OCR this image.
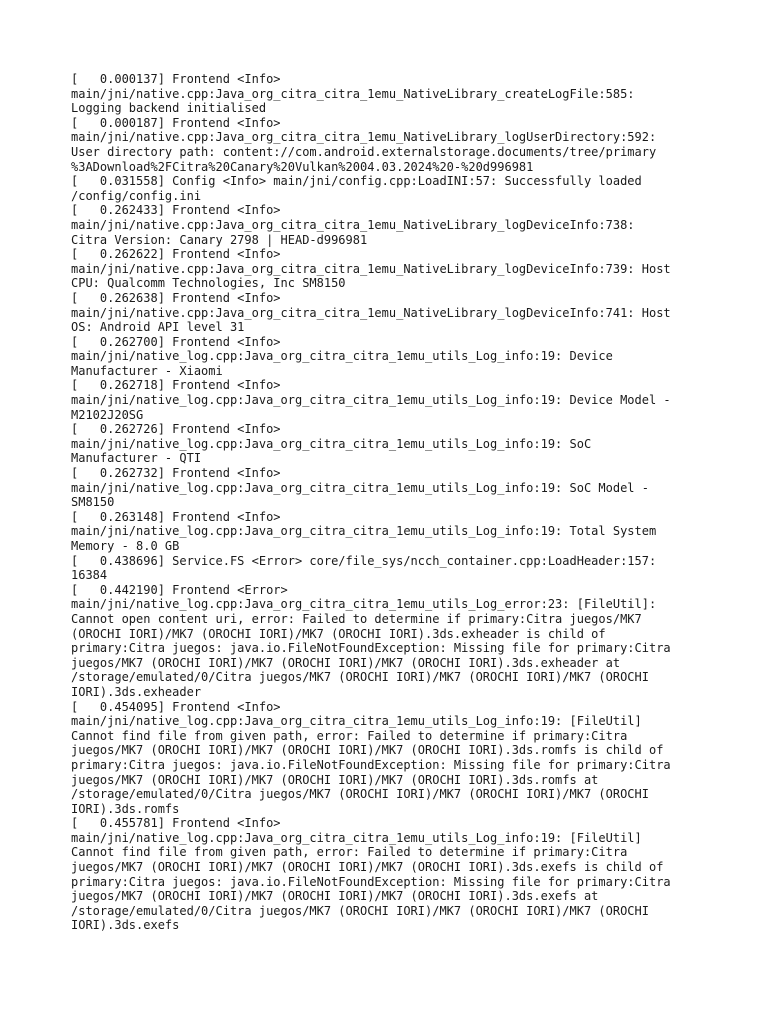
[   0.000137] Frontend <Info>
main/jni/native.cpp:Java_org_citra_citra_1emu_NativeLibrary_createLogFile:585:
Logging backend initialised
[   0.000187] Frontend <Info>
main/jni/native.cpp:Java_org_citra_citra_1emu_NativeLibrary_logUserDirectory:592:
User directory path: content://com.android.externalstorage.documents/tree/primary
%3ADownload%2FCitra%20Canary%20Vulkan%2004.03.2024%20-%20d996981
[   0.031558] Config <Info> main/jni/config.cpp:LoadINI:57: Successfully loaded
/config/config.ini
[   0.262433] Frontend <Info>
main/jni/native.cpp:Java_org_citra_citra_1emu_NativeLibrary_logDeviceInfo:738:
Citra Version: Canary 2798 | HEAD-d996981
[   0.262622] Frontend <Info>
main/jni/native.cpp:Java_org_citra_citra_1emu_NativeLibrary_logDeviceInfo:739: Host
CPU: Qualcomm Technologies, Inc SM8150
[   0.262638] Frontend <Info>
main/jni/native.cpp:Java_org_citra_citra_1emu_NativeLibrary_logDeviceInfo:741: Host
OS: Android API level 31
[   0.262700] Frontend <Info>
main/jni/native_log.cpp:Java_org_citra_citra_1emu_utils_Log_info:19: Device
Manufacturer - Xiaomi
[   0.262718] Frontend <Info>
main/jni/native_log.cpp:Java_org_citra_citra_1emu_utils_Log_info:19: Device Model -
M2102J20SG
[   0.262726] Frontend <Info>
main/jni/native_log.cpp:Java_org_citra_citra_1emu_utils_Log_info:19: SoC
Manufacturer - QTI
[   0.262732] Frontend <Info>
main/jni/native_log.cpp:Java_org_citra_citra_1emu_utils_Log_info:19: SoC Model -
SM8150
[   0.263148] Frontend <Info>
main/jni/native_log.cpp:Java_org_citra_citra_1emu_utils_Log_info:19: Total System
Memory - 8.0 GB
[   0.438696] Service.FS <Error> core/file_sys/ncch_container.cpp:LoadHeader:157:
16384
[   0.442190] Frontend <Error>
main/jni/native_log.cpp:Java_org_citra_citra_1emu_utils_Log_error:23: [FileUtil]:
Cannot open content uri, error: Failed to determine if primary:Citra juegos/MK7
(OROCHI IORI)/MK7 (OROCHI IORI)/MK7 (OROCHI IORI).3ds.exheader is child of
primary:Citra juegos: java.io.FileNotFoundException: Missing file for primary:Citra
juegos/MK7 (OROCHI IORI)/MK7 (OROCHI IORI)/MK7 (OROCHI IORI).3ds.exheader at
/storage/emulated/0/Citra juegos/MK7 (OROCHI IORI)/MK7 (OROCHI IORI)/MK7 (OROCHI
IORI).3ds.exheader
[   0.454095] Frontend <Info>
main/jni/native_log.cpp:Java_org_citra_citra_1emu_utils_Log_info:19: [FileUtil]
Cannot find file from given path, error: Failed to determine if primary:Citra
juegos/MK7 (OROCHI IORI)/MK7 (OROCHI IORI)/MK7 (OROCHI IORI).3ds.romfs is child of
primary:Citra juegos: java.io.FileNotFoundException: Missing file for primary:Citra
juegos/MK7 (OROCHI IORI)/MK7 (OROCHI IORI)/MK7 (OROCHI IORI).3ds.romfs at
/storage/emulated/0/Citra juegos/MK7 (OROCHI IORI)/MK7 (OROCHI IORI)/MK7 (OROCHI
IORI).3ds.romfs
[   0.455781] Frontend <Info>
main/jni/native_log.cpp:Java_org_citra_citra_1emu_utils_Log_info:19: [FileUtil]
Cannot find file from given path, error: Failed to determine if primary:Citra
juegos/MK7 (OROCHI IORI)/MK7 (OROCHI IORI)/MK7 (OROCHI IORI).3ds.exefs is child of
primary:Citra juegos: java.io.FileNotFoundException: Missing file for primary:Citra
juegos/MK7 (OROCHI IORI)/MK7 (OROCHI IORI)/MK7 (OROCHI IORI).3ds.exefs at
/storage/emulated/0/Citra juegos/MK7 (OROCHI IORI)/MK7 (OROCHI IORI)/MK7 (OROCHI
IORI).3ds.exefs
